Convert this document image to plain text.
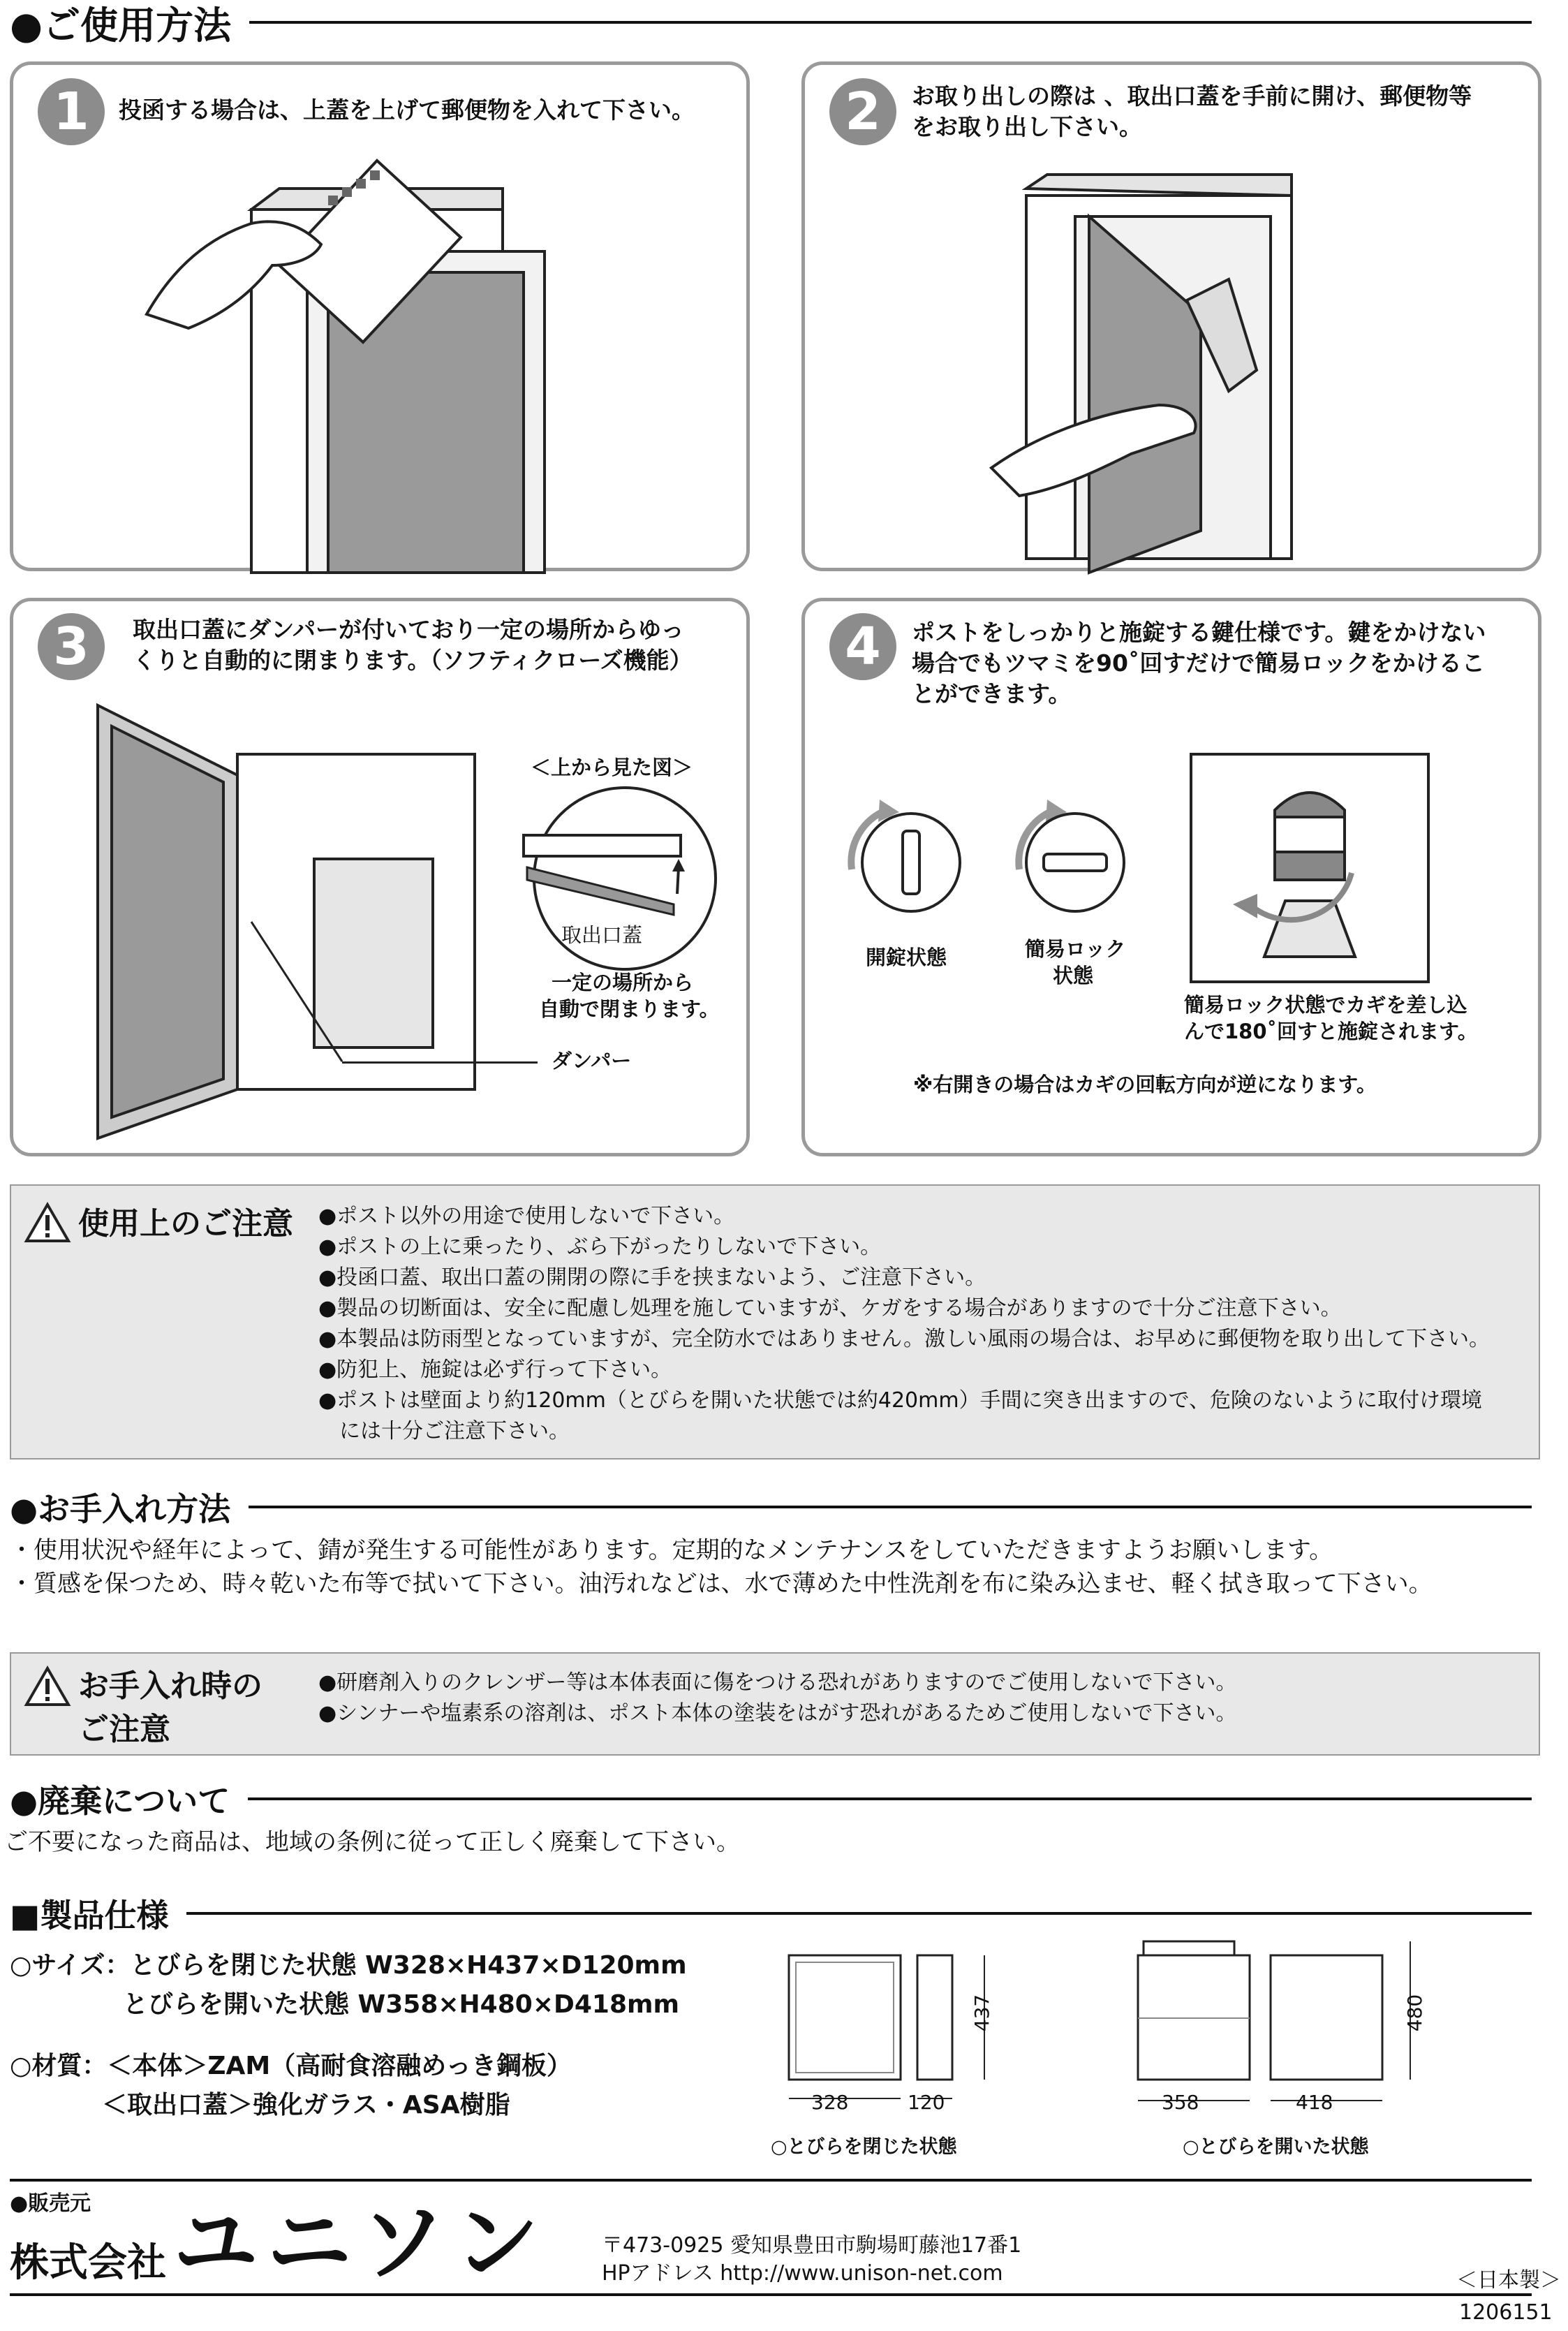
●ご使用方法
1	投函する場合は、上蓋を上げて郵便物を入れて下さい。	2	お取り出しの際は 、取出口蓋を手前に開け、郵便物等
をお取り出し下さい。
3	取出口蓋にダンパーが付いており一定の場所からゆっ
くりと自動的に閉まります。（ソフティクローズ機能）
＜上から見た図＞
取出口蓋
一定の場所から
自動で閉まります。
ダンパー
4	ポストをしっかりと施錠する鍵仕様です。鍵をかけない
場合でもツマミを90˚回すだけで簡易ロックをかけるこ
とができます。
開錠状態	簡易ロック
状態
簡易ロック状態でカギを差し込
んで180˚回すと施錠されます。
※右開きの場合はカギの回転方向が逆になります。
使用上のご注意 ●ポスト以外の用途で使用しないで下さい。
●ポストの上に乗ったり、ぶら下がったりしないで下さい。
●投函口蓋、取出口蓋の開閉の際に手を挟まないよう、ご注意下さい。
●製品の切断面は、安全に配慮し処理を施していますが、ケガをする場合がありますので十分ご注意下さい。
●本製品は防雨型となっていますが、完全防水ではありません。激しい風雨の場合は、お早めに郵便物を取り出して下さい。
●防犯上、施錠は必ず行って下さい。
●ポストは壁面より約120mm（とびらを開いた状態では約420mm）手間に突き出ますので、危険のないように取付け環境
　には十分ご注意下さい。
●お手入れ方法
・使用状況や経年によって、錆が発生する可能性があります。定期的なメンテナンスをしていただきますようお願いします。
・質感を保つため、時々乾いた布等で拭いて下さい。油汚れなどは、水で薄めた中性洗剤を布に染み込ませ、軽く拭き取って下さい。
お手入れ時の
ご注意
●研磨剤入りのクレンザー等は本体表面に傷をつける恐れがありますのでご使用しないで下さい。
●シンナーや塩素系の溶剤は、ポスト本体の塗装をはがす恐れがあるためご使用しないで下さい。
●廃棄について
ご不要になった商品は、地域の条例に従って正しく廃棄して下さい。
■製品仕様
○サイズ：とびらを閉じた状態 W328×H437×D120mm
とびらを開いた状態 W358×H480×D418mm
○材質：＜本体＞ZAM（高耐食溶融めっき鋼板）
＜取出口蓋＞強化ガラス・ASA樹脂	328	120
437
○とびらを閉じた状態
358	418
480
○とびらを開いた状態
●販売元
株式会社 ユニソン	〒473-0925 愛知県豊田市駒場町藤池17番1
HPアドレス http://www.unison-net.com	＜日本製＞
1206151
